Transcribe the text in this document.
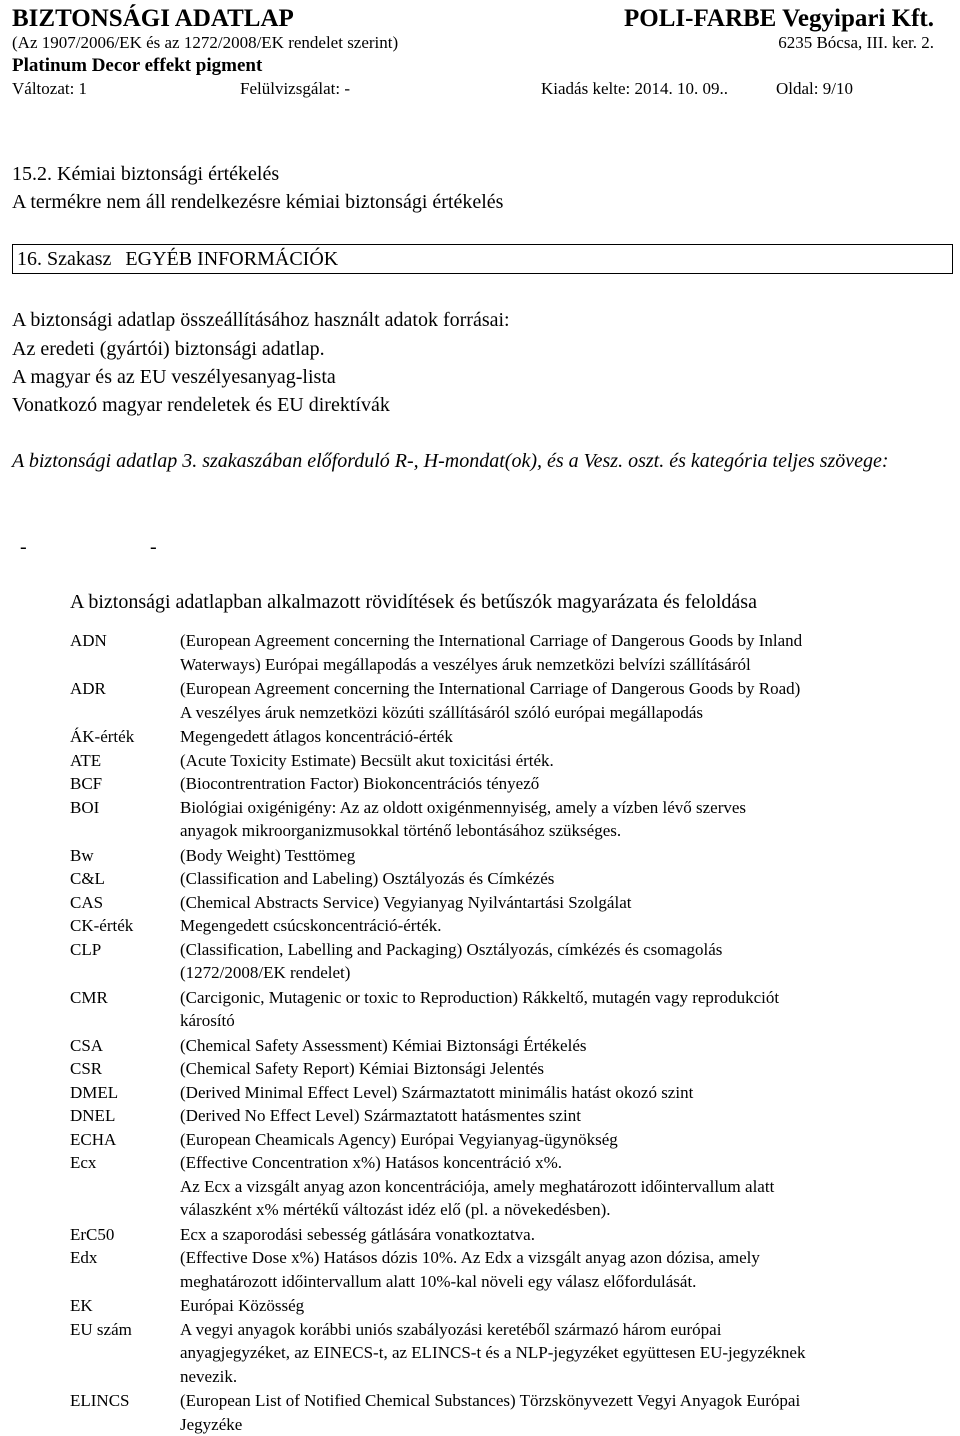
BIZTONSÁGI ADATLAP	POLI-FARBE Vegyipari Kft.
(Az 1907/2006/EK és az 1272/2008/EK rendelet szerint)	6235 Bócsa, III. ker. 2.
Platinum Decor effekt pigment
Változat: 1	Felülvizsgálat: -	Kiadás kelte: 2014. 10. 09..	Oldal: 9/10
15.2. Kémiai biztonsági értékelés
A termékre nem áll rendelkezésre kémiai biztonsági értékelés
16. Szakasz EGYÉB INFORMÁCIÓK
A biztonsági adatlap összeállításához használt adatok forrásai:
Az eredeti (gyártói) biztonsági adatlap.
A magyar és az EU veszélyesanyag-lista
Vonatkozó magyar rendeletek és EU direktívák
A biztonsági adatlap 3. szakaszában előforduló R-, H-mondat(ok), és a Vesz. oszt. és kategória teljes szövege:
-	-
A biztonsági adatlapban alkalmazott rövidítések és betűszók magyarázata és feloldása
ADN	(European Agreement concerning the International Carriage of Dangerous Goods by Inland
Waterways) Európai megállapodás a veszélyes áruk nemzetközi belvízi szállításáról
ADR	(European Agreement concerning the International Carriage of Dangerous Goods by Road)
A veszélyes áruk nemzetközi közúti szállításáról szóló európai megállapodás
ÁK-érték	Megengedett átlagos koncentráció-érték
ATE	(Acute Toxicity Estimate) Becsült akut toxicitási érték.
BCF	(Biocontrentration Factor) Biokoncentrációs tényező
BOI	Biológiai oxigénigény: Az az oldott oxigénmennyiség, amely a vízben lévő szerves
anyagok mikroorganizmusokkal történő lebontásához szükséges.
Bw	(Body Weight) Testtömeg
C&L	(Classification and Labeling) Osztályozás és Címkézés
CAS	(Chemical Abstracts Service) Vegyianyag Nyilvántartási Szolgálat
CK-érték	Megengedett csúcskoncentráció-érték.
CLP	(Classification, Labelling and Packaging) Osztályozás, címkézés és csomagolás
(1272/2008/EK rendelet)
CMR	(Carcigonic, Mutagenic or toxic to Reproduction) Rákkeltő, mutagén vagy reprodukciót
károsító
CSA	(Chemical Safety Assessment) Kémiai Biztonsági Értékelés
CSR	(Chemical Safety Report) Kémiai Biztonsági Jelentés
DMEL	(Derived Minimal Effect Level) Származtatott minimális hatást okozó szint
DNEL	(Derived No Effect Level) Származtatott hatásmentes szint
ECHA	(European Cheamicals Agency) Európai Vegyianyag-ügynökség
Ecx	(Effective Concentration x%) Hatásos koncentráció x%.
Az Ecx a vizsgált anyag azon koncentrációja, amely meghatározott időintervallum alatt
válaszként x% mértékű változást idéz elő (pl. a növekedésben).
ErC50	Ecx a szaporodási sebesség gátlására vonatkoztatva.
Edx	(Effective Dose x%) Hatásos dózis 10%. Az Edx a vizsgált anyag azon dózisa, amely
meghatározott időintervallum alatt 10%-kal növeli egy válasz előfordulását.
EK	Európai Közösség
EU szám	A vegyi anyagok korábbi uniós szabályozási keretéből származó három európai
anyagjegyzéket, az EINECS-t, az ELINCS-t és a NLP-jegyzéket együttesen EU-jegyzéknek
nevezik.
ELINCS	(European List of Notified Chemical Substances) Törzskönyvezett Vegyi Anyagok Európai
Jegyzéke
